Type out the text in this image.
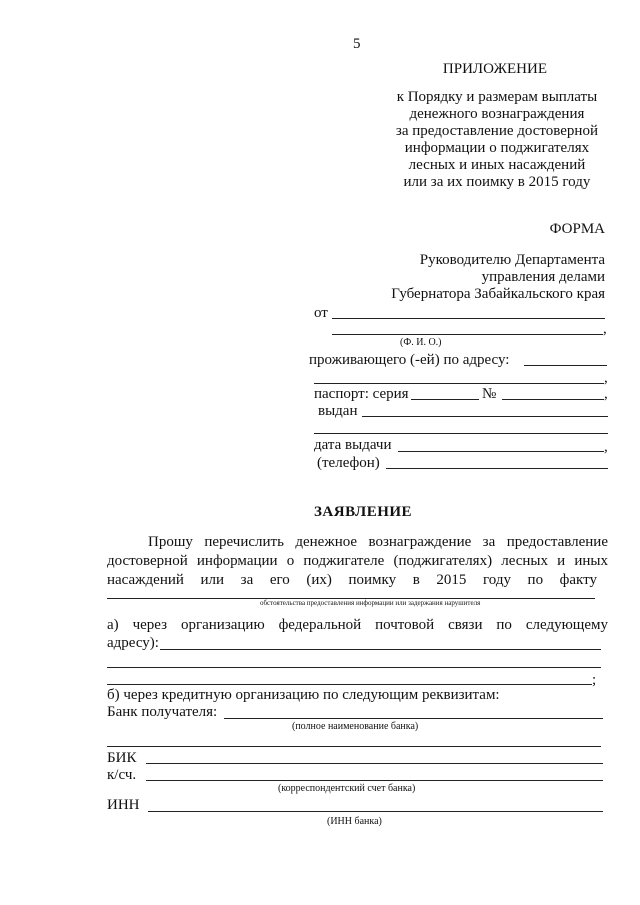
5
ПРИЛОЖЕНИЕ
к Порядку и размерам выплаты
денежного вознаграждения
за предоставление достоверной
информации о поджигателях
лесных и иных насаждений
или за их поимку в 2015 году
ФОРМА
Руководителю Департамента
управления делами
Губернатора Забайкальского края
от
,
(Ф. И. О.)
проживающего (-ей) по адресу:
,
паспорт: серия	№	,
выдан
дата выдачи	,
(телефон)
ЗАЯВЛЕНИЕ
Прошу перечислить денежное вознаграждение за предоставление
достоверной информации о поджигателе (поджигателях) лесных и иных
насаждений или за его (их) поимку в 2015 году по факту
обстоятельства предоставления информации или задержания нарушителя
а) через организацию федеральной почтовой связи по следующему
адресу):
;
б) через кредитную организацию по следующим реквизитам:
Банк получателя:
(полное наименование банка)
БИК
к/сч.
(корреспондентский счет банка)
ИНН
(ИНН банка)
